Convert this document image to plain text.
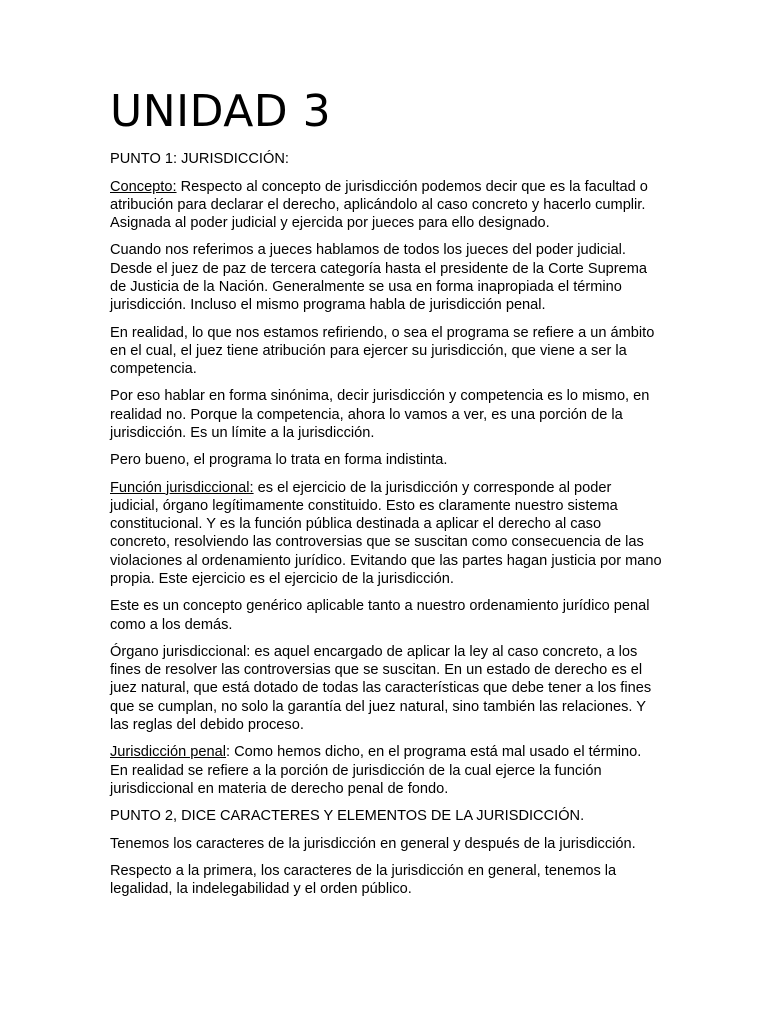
UNIDAD 3

PUNTO 1: JURISDICCIÓN:

Concepto: Respecto al concepto de jurisdicción podemos decir que es la facultad o atribución para declarar el derecho, aplicándolo al caso concreto y hacerlo cumplir. Asignada al poder judicial y ejercida por jueces para ello designado.

Cuando nos referimos a jueces hablamos de todos los jueces del poder judicial. Desde el juez de paz de tercera categoría hasta el presidente de la Corte Suprema de Justicia de la Nación. Generalmente se usa en forma inapropiada el término jurisdicción. Incluso el mismo programa habla de jurisdicción penal.

En realidad, lo que nos estamos refiriendo, o sea el programa se refiere a un ámbito en el cual, el juez tiene atribución para ejercer su jurisdicción, que viene a ser la competencia.

Por eso hablar en forma sinónima, decir jurisdicción y competencia es lo mismo, en realidad no. Porque la competencia, ahora lo vamos a ver, es una porción de la jurisdicción. Es un límite a la jurisdicción.

Pero bueno, el programa lo trata en forma indistinta.

Función jurisdiccional: es el ejercicio de la jurisdicción y corresponde al poder judicial, órgano legítimamente constituido. Esto es claramente nuestro sistema constitucional. Y es la función pública destinada a aplicar el derecho al caso concreto, resolviendo las controversias que se suscitan como consecuencia de las violaciones al ordenamiento jurídico. Evitando que las partes hagan justicia por mano propia. Este ejercicio es el ejercicio de la jurisdicción.

Este es un concepto genérico aplicable tanto a nuestro ordenamiento jurídico penal como a los demás.

Órgano jurisdiccional: es aquel encargado de aplicar la ley al caso concreto, a los fines de resolver las controversias que se suscitan. En un estado de derecho es el juez natural, que está dotado de todas las características que debe tener a los fines que se cumplan, no solo la garantía del juez natural, sino también las relaciones. Y las reglas del debido proceso.

Jurisdicción penal: Como hemos dicho, en el programa está mal usado el término. En realidad se refiere a la porción de jurisdicción de la cual ejerce la función jurisdiccional en materia de derecho penal de fondo.

PUNTO 2, DICE CARACTERES Y ELEMENTOS DE LA JURISDICCIÓN.

Tenemos los caracteres de la jurisdicción en general y después de la jurisdicción.

Respecto a la primera, los caracteres de la jurisdicción en general, tenemos la legalidad, la indelegabilidad y el orden público.
